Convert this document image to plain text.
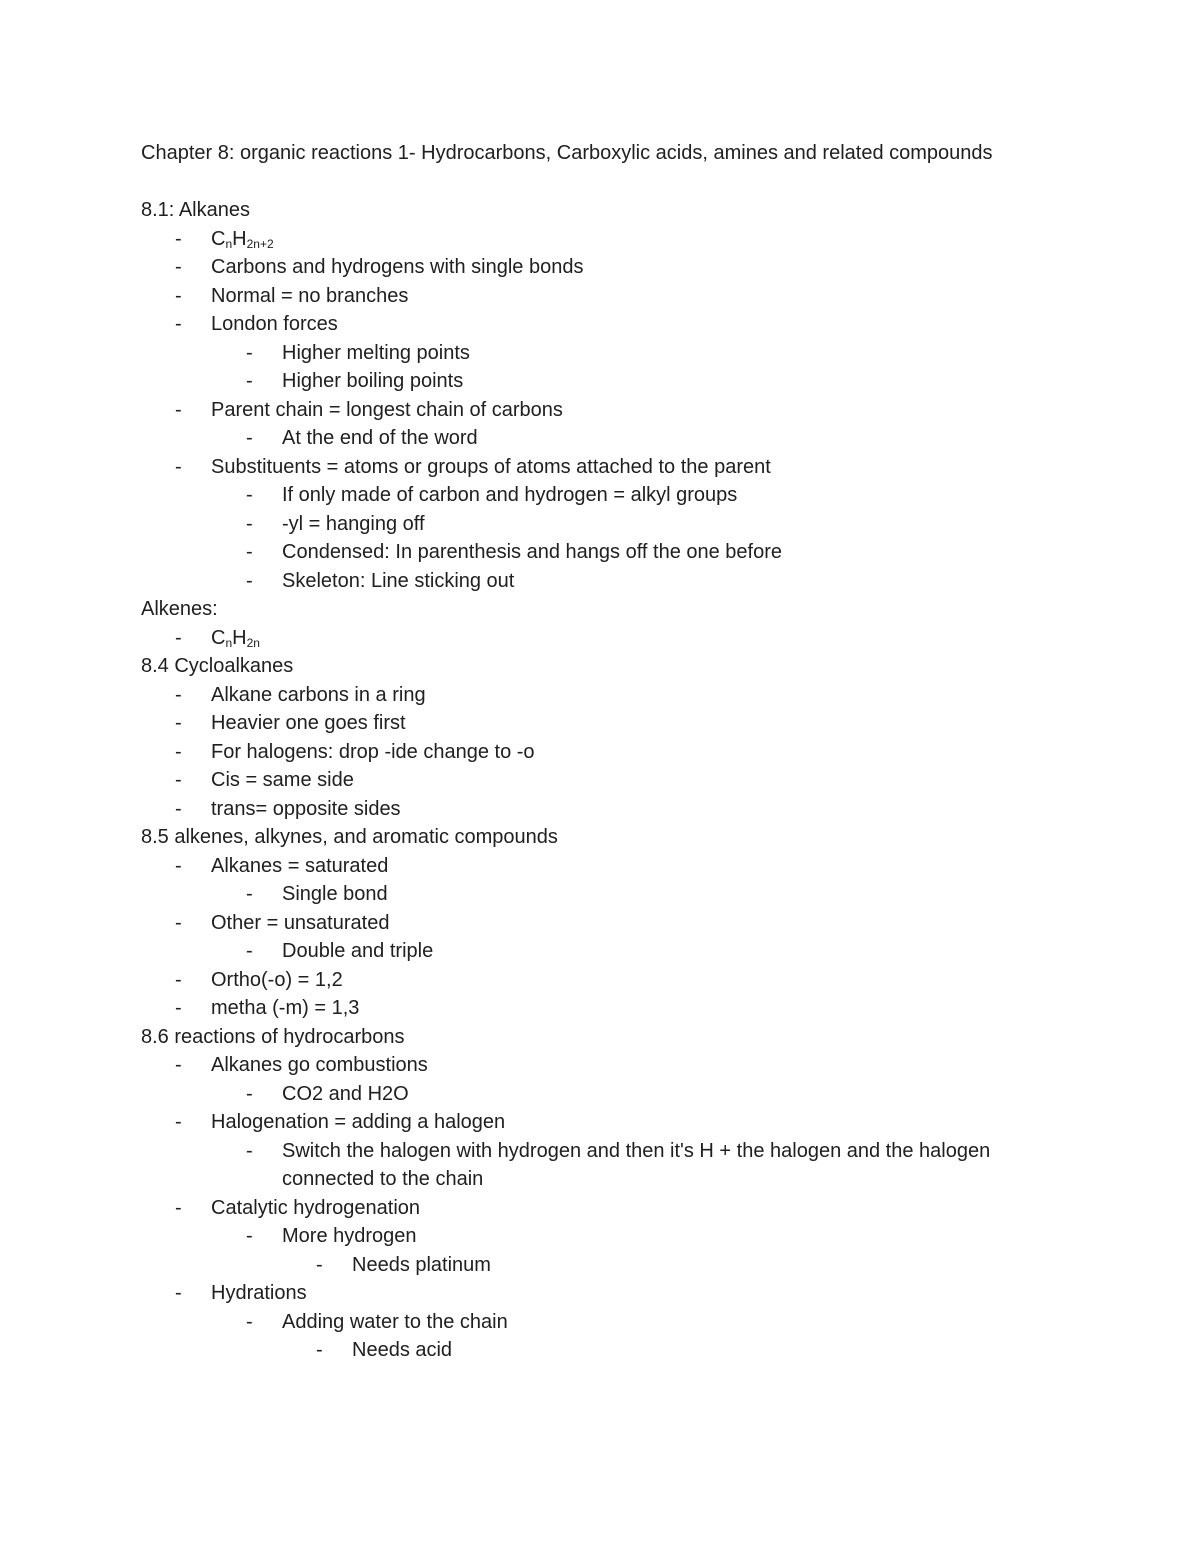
Chapter 8: organic reactions 1- Hydrocarbons, Carboxylic acids, amines and related compounds
8.1: Alkanes
- $C_nH_{2n+2}$
- Carbons and hydrogens with single bonds
- Normal = no branches
- London forces
- Higher melting points
- Higher boiling points
- Parent chain = longest chain of carbons
- At the end of the word
- Substituents = atoms or groups of atoms attached to the parent
- If only made of carbon and hydrogen = alkyl groups
- -yl = hanging off
- Condensed: In parenthesis and hangs off the one before
- Skeleton: Line sticking out
Alkenes:
- $C_nH_{2n}$
8.4 Cycloalkanes
- Alkane carbons in a ring
- Heavier one goes first
- For halogens: drop -ide change to -o
- Cis = same side
- trans= opposite sides
8.5 alkenes, alkynes, and aromatic compounds
- Alkanes = saturated
- Single bond
- Other = unsaturated
- Double and triple
- Ortho(-o) = 1,2
- metha (-m) = 1,3
8.6 reactions of hydrocarbons
- Alkanes go combustions
- CO2 and H2O
- Halogenation = adding a halogen
- Switch the halogen with hydrogen and then it's H + the halogen and the halogen connected to the chain
- Catalytic hydrogenation
- More hydrogen
- Needs platinum
- Hydrations
- Adding water to the chain
- Needs acid
